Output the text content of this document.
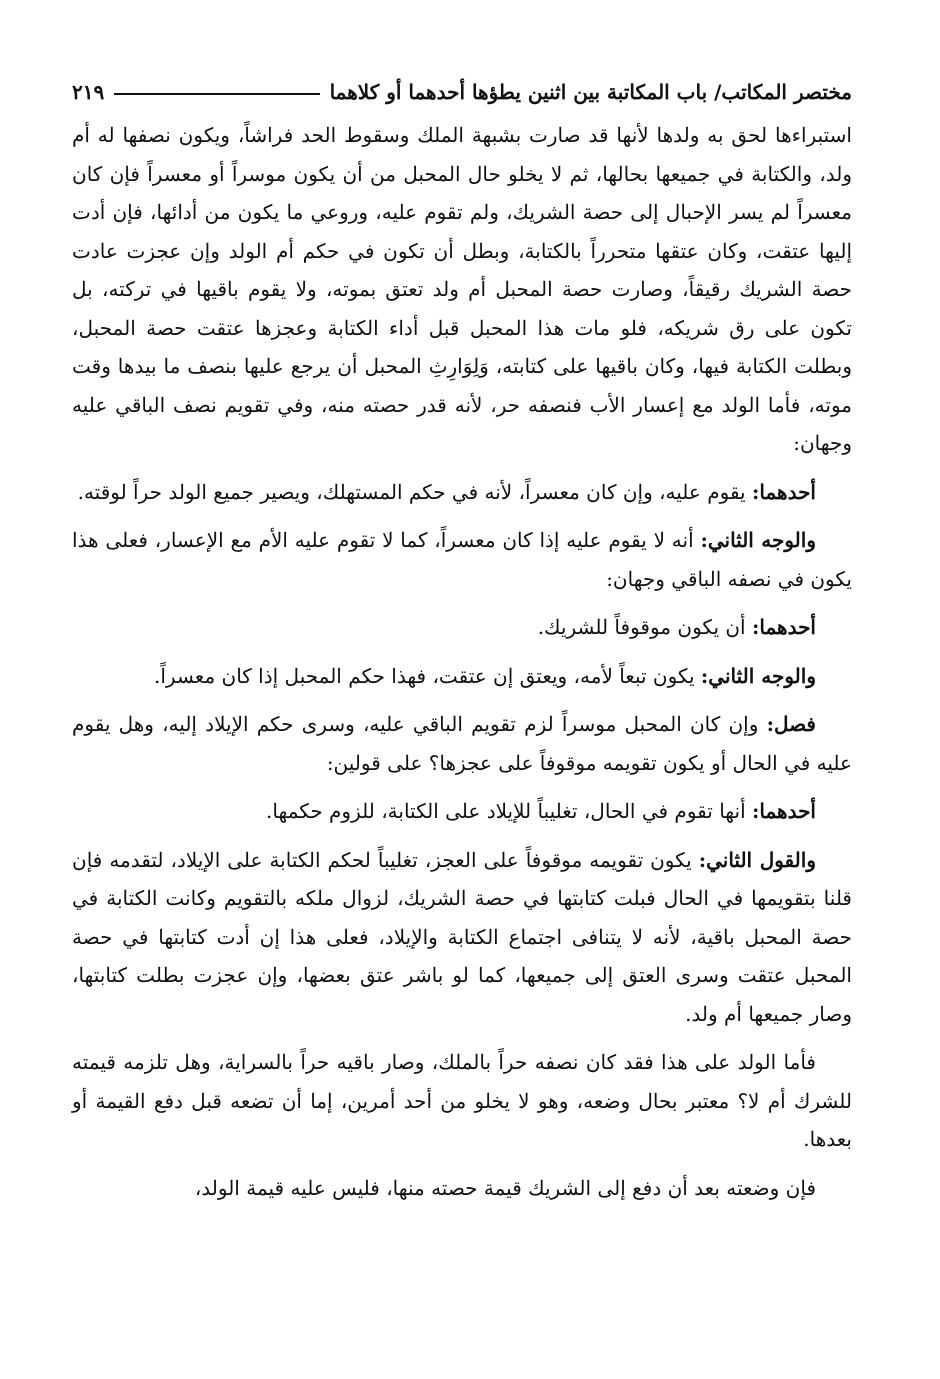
مختصر المكاتب/ باب المكاتبة بين اثنين يطؤها أحدهما أو كلاهما
٢١٩

استبراءها لحق به ولدها لأنها قد صارت بشبهة الملك وسقوط الحد فراشاً، ويكون نصفها له أم ولد، والكتابة في جميعها بحالها، ثم لا يخلو حال المحبل من أن يكون موسراً أو معسراً فإن كان معسراً لم يسر الإحبال إلى حصة الشريك، ولم تقوم عليه، وروعي ما يكون من أدائها، فإن أدت إليها عتقت، وكان عتقها متحرراً بالكتابة، وبطل أن تكون في حكم أم الولد وإن عجزت عادت حصة الشريك رقيقاً، وصارت حصة المحبل أم ولد تعتق بموته، ولا يقوم باقيها في تركته، بل تكون على رق شريكه، فلو مات هذا المحبل قبل أداء الكتابة وعجزها عتقت حصة المحبل، وبطلت الكتابة فيها، وكان باقيها على كتابته، وَلِوَارِثِ المحبل أن يرجع عليها بنصف ما بيدها وقت موته، فأما الولد مع إعسار الأب فنصفه حر، لأنه قدر حصته منه، وفي تقويم نصف الباقي عليه وجهان:

أحدهما: يقوم عليه، وإن كان معسراً، لأنه في حكم المستهلك، ويصير جميع الولد حراً لوقته.

والوجه الثاني: أنه لا يقوم عليه إذا كان معسراً، كما لا تقوم عليه الأم مع الإعسار، فعلى هذا يكون في نصفه الباقي وجهان:

أحدهما: أن يكون موقوفاً للشريك.

والوجه الثاني: يكون تبعاً لأمه، ويعتق إن عتقت، فهذا حكم المحبل إذا كان معسراً.

فصل: وإن كان المحبل موسراً لزم تقويم الباقي عليه، وسرى حكم الإيلاد إليه، وهل يقوم عليه في الحال أو يكون تقويمه موقوفاً على عجزها؟ على قولين:

أحدهما: أنها تقوم في الحال، تغليباً للإيلاد على الكتابة، للزوم حكمها.

والقول الثاني: يكون تقويمه موقوفاً على العجز، تغليباً لحكم الكتابة على الإيلاد، لتقدمه فإن قلنا بتقويمها في الحال فبلت كتابتها في حصة الشريك، لزوال ملكه بالتقويم وكانت الكتابة في حصة المحبل باقية، لأنه لا يتنافى اجتماع الكتابة والإيلاد، فعلى هذا إن أدت كتابتها في حصة المحبل عتقت وسرى العتق إلى جميعها، كما لو باشر عتق بعضها، وإن عجزت بطلت كتابتها، وصار جميعها أم ولد.

فأما الولد على هذا فقد كان نصفه حراً بالملك، وصار باقيه حراً بالسراية، وهل تلزمه قيمته للشرك أم لا؟ معتبر بحال وضعه، وهو لا يخلو من أحد أمرين، إما أن تضعه قبل دفع القيمة أو بعدها.

فإن وضعته بعد أن دفع إلى الشريك قيمة حصته منها، فليس عليه قيمة الولد،
